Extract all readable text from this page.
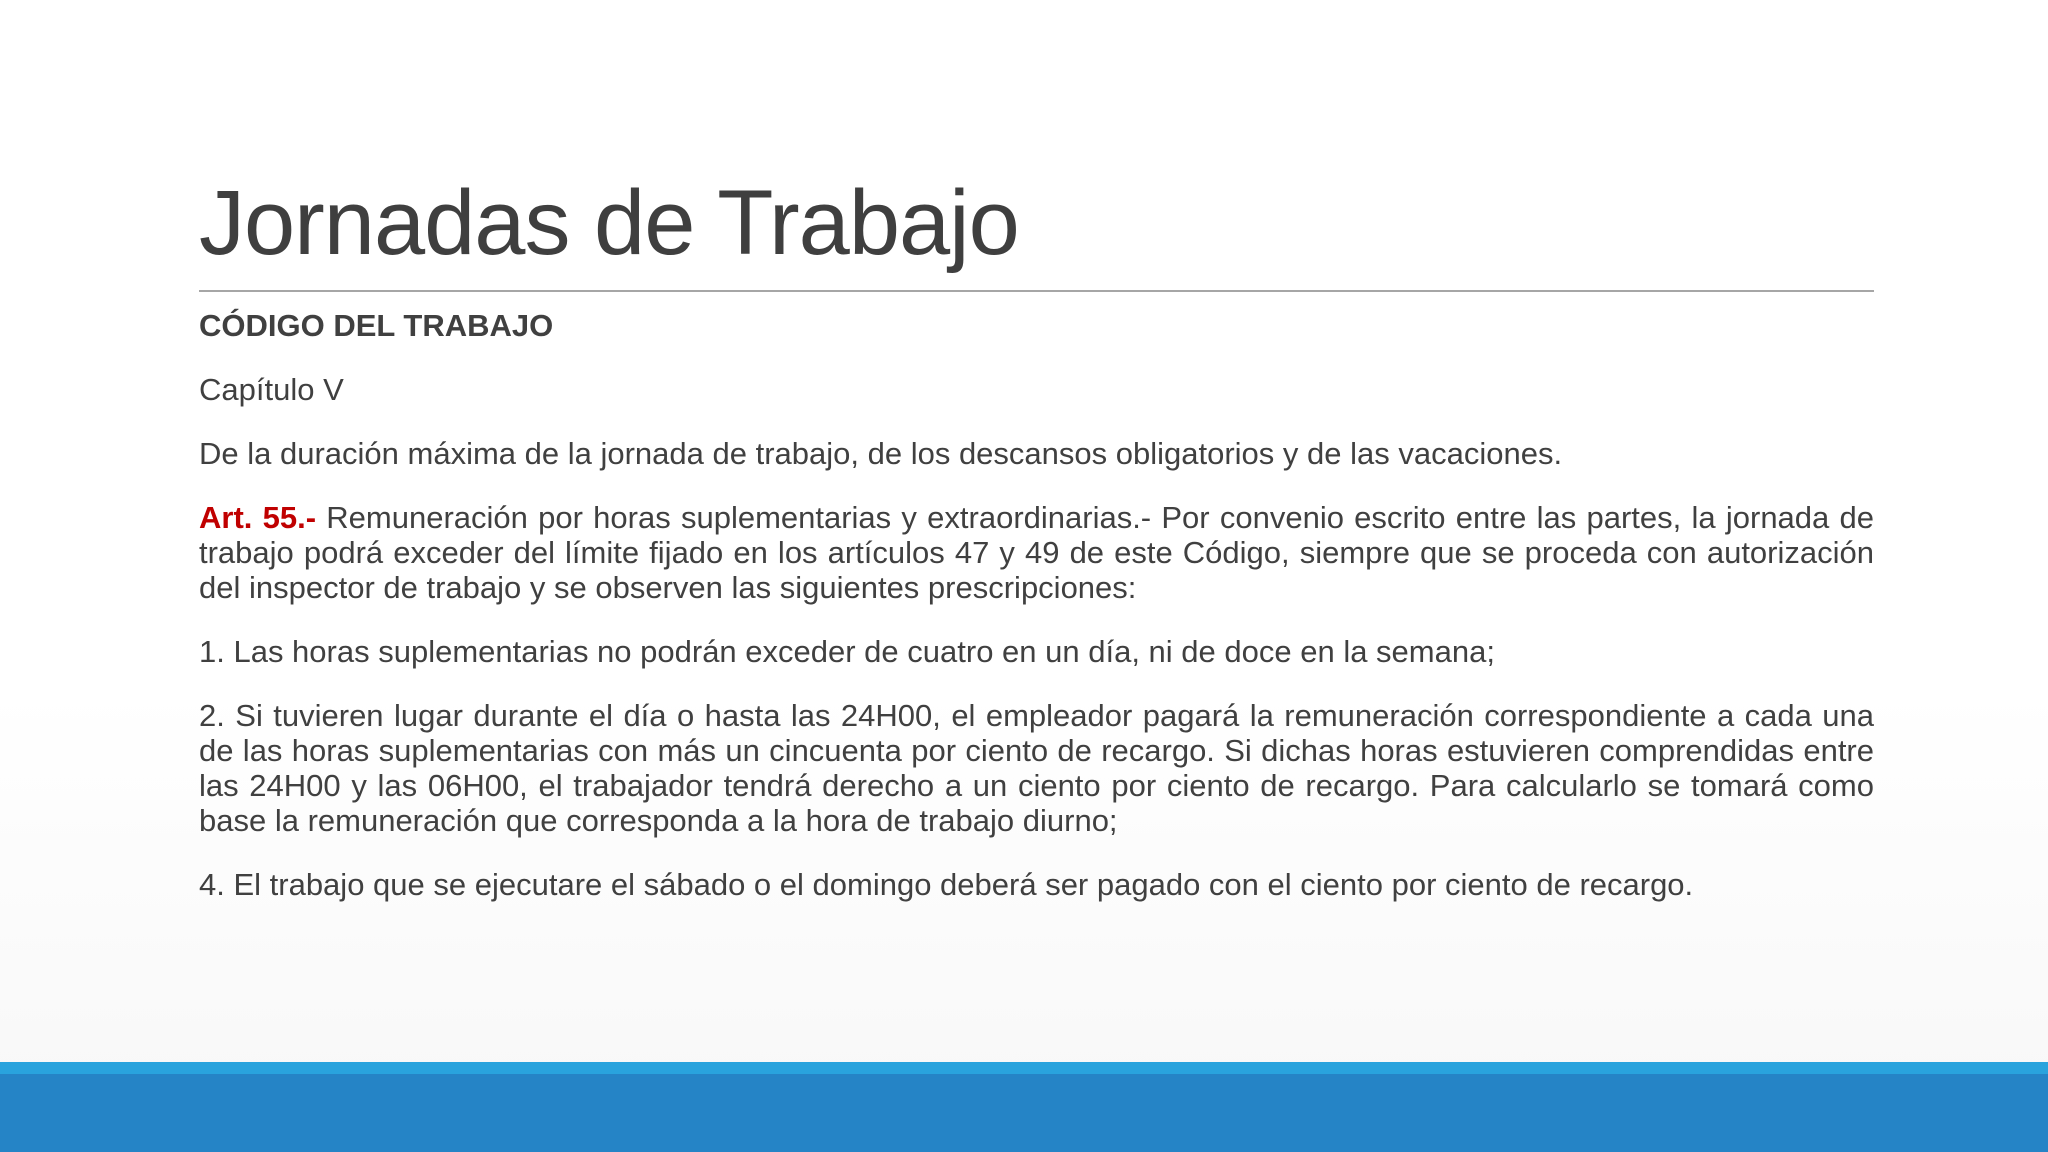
Jornadas de Trabajo

CÓDIGO DEL TRABAJO

Capítulo V

De la duración máxima de la jornada de trabajo, de los descansos obligatorios y de las vacaciones.

Art. 55.- Remuneración por horas suplementarias y extraordinarias.- Por convenio escrito entre las partes, la jornada de trabajo podrá exceder del límite fijado en los artículos 47 y 49 de este Código, siempre que se proceda con autorización del inspector de trabajo y se observen las siguientes prescripciones:

1. Las horas suplementarias no podrán exceder de cuatro en un día, ni de doce en la semana;

2. Si tuvieren lugar durante el día o hasta las 24H00, el empleador pagará la remuneración correspondiente a cada una de las horas suplementarias con más un cincuenta por ciento de recargo. Si dichas horas estuvieren comprendidas entre las 24H00 y las 06H00, el trabajador tendrá derecho a un ciento por ciento de recargo. Para calcularlo se tomará como base la remuneración que corresponda a la hora de trabajo diurno;

4. El trabajo que se ejecutare el sábado o el domingo deberá ser pagado con el ciento por ciento de recargo.
